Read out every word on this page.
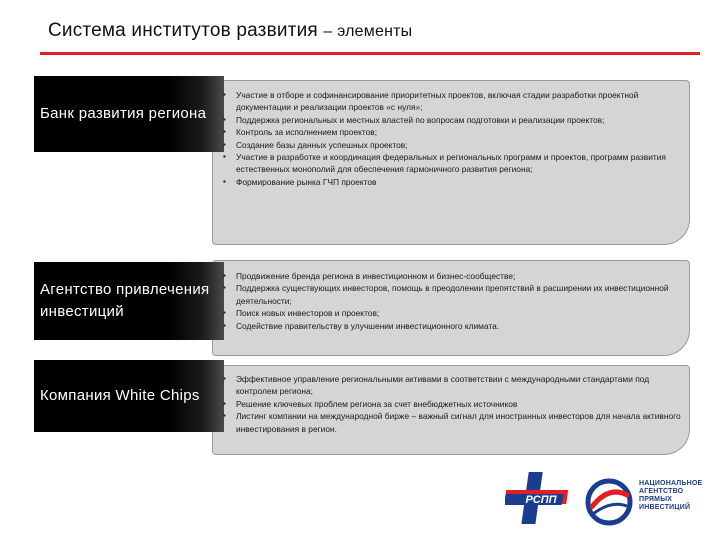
Система институтов развития – элементы
Банк развития региона
▪ Участие в отборе и софинансирование приоритетных проектов, включая стадии разработки проектной документации и реализации проектов «с нуля»;
▪ Поддержка региональных и местных властей по вопросам подготовки и реализации проектов;
▪ Контроль за исполнением проектов;
▪ Создание базы данных успешных проектов;
▪ Участие в разработке и координация федеральных и региональных программ и проектов, программ развития естественных монополий для обеспечения гармоничного развития региона;
▪ Формирование рынка ГЧП проектов
Агентство привлечения инвестиций
▪ Продвижение бренда региона в инвестиционном и бизнес-сообществе;
▪ Поддержка существующих инвесторов, помощь в преодолении препятствий в расширении их инвестиционной деятельности;
▪ Поиск новых инвесторов и проектов;
▪ Содействие правительству в улучшении инвестиционного климата.
Компания White Chips
▪ Эффективное управление региональными активами в соответствии с международными стандартами под контролем региона;
▪ Решение ключевых проблем региона за счет внебюджетных источников
▪ Листинг компании на международной бирже – важный сигнал для иностранных инвесторов для начала активного инвестирования в регион.
РСПП
НАЦИОНАЛЬНОЕ
АГЕНТСТВО
ПРЯМЫХ
ИНВЕСТИЦИЙ
